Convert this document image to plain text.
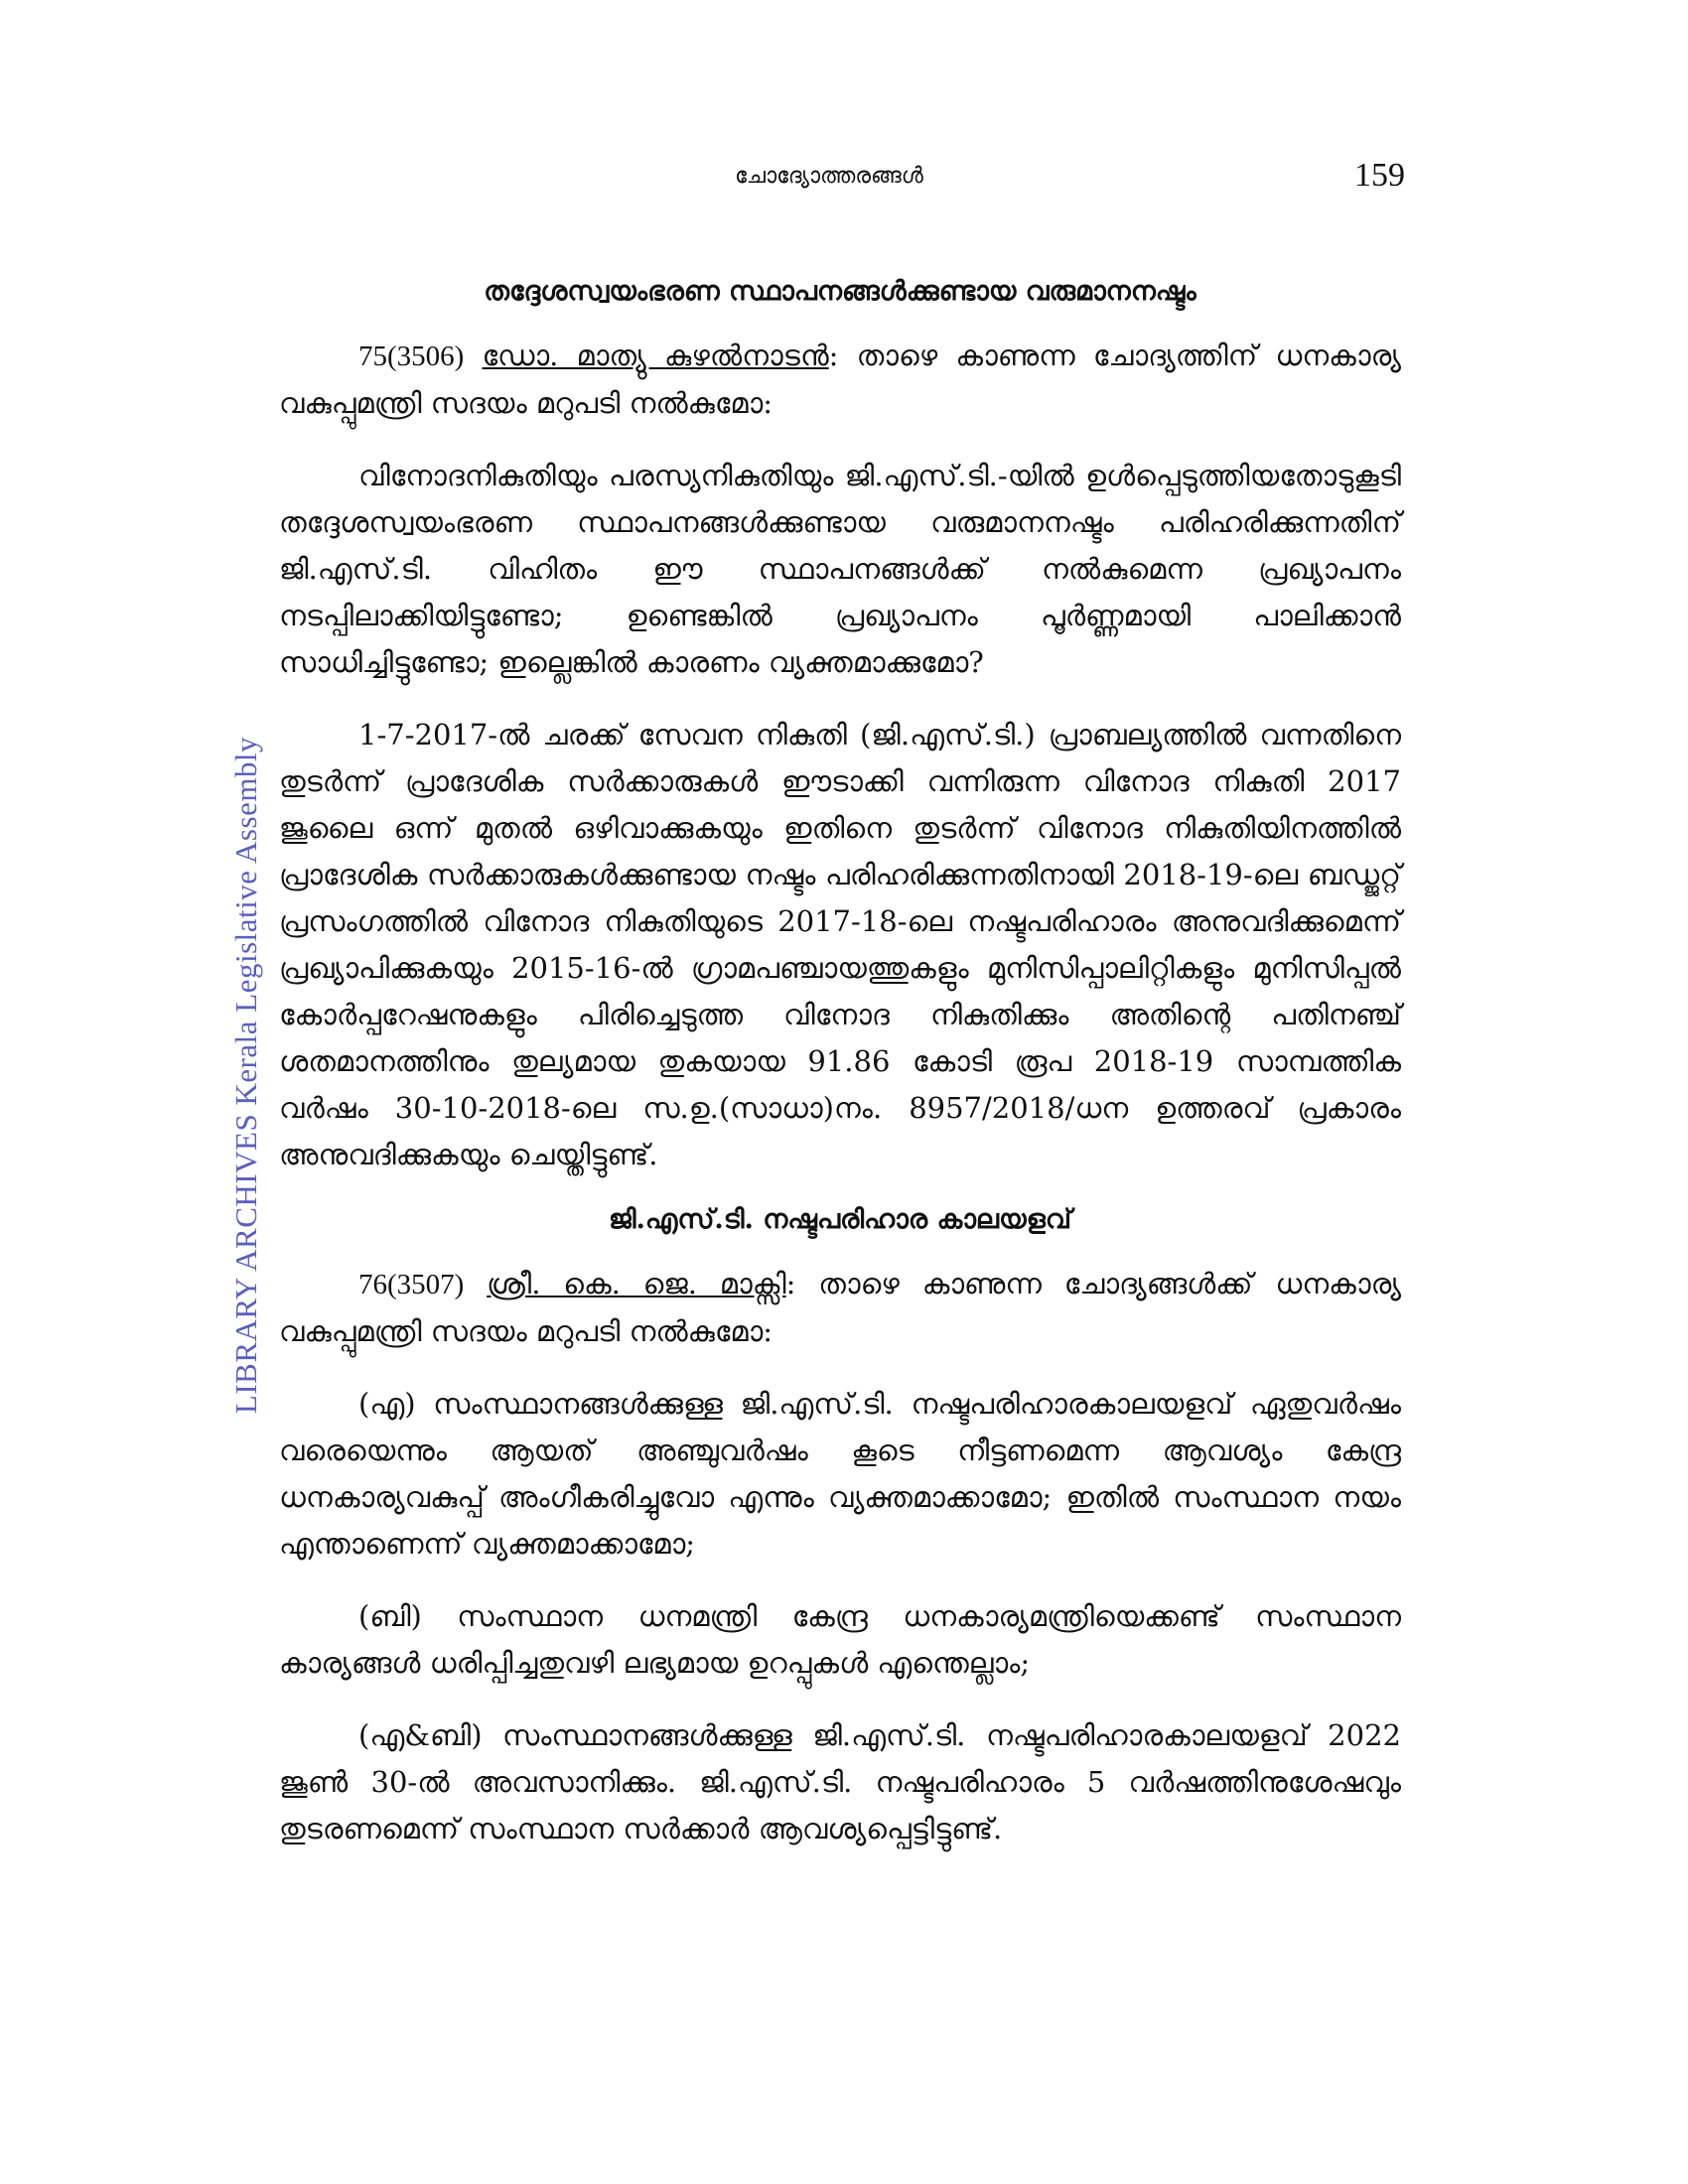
ചോദ്യോത്തരങ്ങൾ	159
LIBRARY ARCHIVES Kerala Legislative Assembly

തദ്ദേശസ്വയംഭരണ സ്ഥാപനങ്ങൾക്കുണ്ടായ വരുമാനനഷ്ടം

75(3506) ഡോ. മാത്യു കുഴൽനാടൻ: താഴെ കാണുന്ന ചോദ്യത്തിന് ധനകാര്യ വകുപ്പുമന്ത്രി സദയം മറുപടി നൽകുമോ:

വിനോദനികുതിയും പരസ്യനികുതിയും ജി.എസ്.ടി.-യിൽ ഉൾപ്പെടുത്തിയതോടുകൂടി തദ്ദേശസ്വയംഭരണ സ്ഥാപനങ്ങൾക്കുണ്ടായ വരുമാനനഷ്ടം പരിഹരിക്കുന്നതിന് ജി.എസ്.ടി. വിഹിതം ഈ സ്ഥാപനങ്ങൾക്ക് നൽകുമെന്ന പ്രഖ്യാപനം നടപ്പിലാക്കിയിട്ടുണ്ടോ; ഉണ്ടെങ്കിൽ പ്രഖ്യാപനം പൂർണ്ണമായി പാലിക്കാൻ സാധിച്ചിട്ടുണ്ടോ; ഇല്ലെങ്കിൽ കാരണം വ്യക്തമാക്കുമോ?

1-7-2017-ൽ ചരക്ക് സേവന നികുതി (ജി.എസ്.ടി.) പ്രാബല്യത്തിൽ വന്നതിനെ തുടർന്ന് പ്രാദേശിക സർക്കാരുകൾ ഈടാക്കി വന്നിരുന്ന വിനോദ നികുതി 2017 ജൂലൈ ഒന്ന് മുതൽ ഒഴിവാക്കുകയും ഇതിനെ തുടർന്ന് വിനോദ നികുതിയിനത്തിൽ പ്രാദേശിക സർക്കാരുകൾക്കുണ്ടായ നഷ്ടം പരിഹരിക്കുന്നതിനായി 2018-19-ലെ ബഡ്ജറ്റ് പ്രസംഗത്തിൽ വിനോദ നികുതിയുടെ 2017-18-ലെ നഷ്ടപരിഹാരം അനുവദിക്കുമെന്ന് പ്രഖ്യാപിക്കുകയും 2015-16-ൽ ഗ്രാമപഞ്ചായത്തുകളും മുനിസിപ്പാലിറ്റികളും മുനിസിപ്പൽ കോർപ്പറേഷനുകളും പിരിച്ചെടുത്ത വിനോദ നികുതിക്കും അതിന്റെ പതിനഞ്ച് ശതമാനത്തിനും തുല്യമായ തുകയായ 91.86 കോടി രൂപ 2018-19 സാമ്പത്തിക വർഷം 30-10-2018-ലെ സ.ഉ.(സാധാ)നം. 8957/2018/ധന ഉത്തരവ് പ്രകാരം അനുവദിക്കുകയും ചെയ്തിട്ടുണ്ട്.

ജി.എസ്.ടി. നഷ്ടപരിഹാര കാലയളവ്

76(3507) ശ്രീ. കെ. ജെ. മാക്സി: താഴെ കാണുന്ന ചോദ്യങ്ങൾക്ക് ധനകാര്യ വകുപ്പുമന്ത്രി സദയം മറുപടി നൽകുമോ:

(എ) സംസ്ഥാനങ്ങൾക്കുള്ള ജി.എസ്.ടി. നഷ്ടപരിഹാരകാലയളവ് ഏതുവർഷം വരെയെന്നും ആയത് അഞ്ചുവർഷം കൂടെ നീട്ടണമെന്ന ആവശ്യം കേന്ദ്ര ധനകാര്യവകുപ്പ് അംഗീകരിച്ചുവോ എന്നും വ്യക്തമാക്കാമോ; ഇതിൽ സംസ്ഥാന നയം എന്താണെന്ന് വ്യക്തമാക്കാമോ;

(ബി) സംസ്ഥാന ധനമന്ത്രി കേന്ദ്ര ധനകാര്യമന്ത്രിയെക്കണ്ട് സംസ്ഥാന കാര്യങ്ങൾ ധരിപ്പിച്ചതുവഴി ലഭ്യമായ ഉറപ്പുകൾ എന്തെല്ലാം;

(എ&ബി) സംസ്ഥാനങ്ങൾക്കുള്ള ജി.എസ്.ടി. നഷ്ടപരിഹാരകാലയളവ് 2022 ജൂൺ 30-ൽ അവസാനിക്കും. ജി.എസ്.ടി. നഷ്ടപരിഹാരം 5 വർഷത്തിനുശേഷവും തുടരണമെന്ന് സംസ്ഥാന സർക്കാർ ആവശ്യപ്പെട്ടിട്ടുണ്ട്.
